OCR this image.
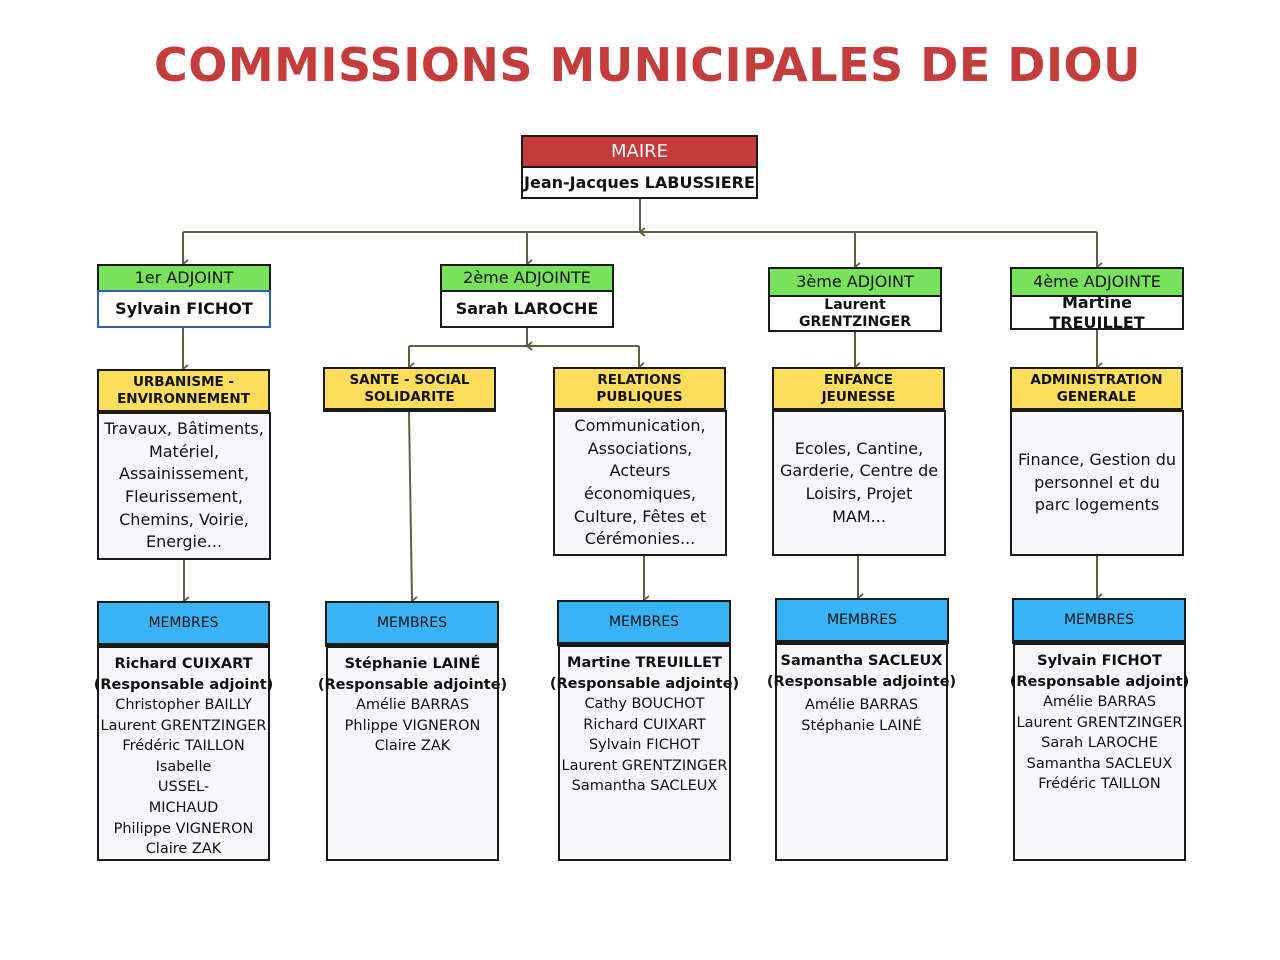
COMMISSIONS MUNICIPALES DE DIOU
MAIRE
Jean-Jacques LABUSSIERE
1er ADJOINT
Sylvain FICHOT
2ème ADJOINTE
Sarah LAROCHE
3ème ADJOINT
Laurent GRENTZINGER
4ème ADJOINTE
Martine TREUILLET
URBANISME - ENVIRONNEMENT
Travaux, Bâtiments, Matériel, Assainissement, Fleurissement, Chemins, Voirie, Energie...
MEMBRES
Richard CUIXART
(Responsable adjoint)
Christopher BAILLY
Laurent GRENTZINGER
Frédéric TAILLON
Isabelle USSEL-MICHAUD
Philippe VIGNERON
Claire ZAK
SANTE - SOCIAL SOLIDARITE
MEMBRES
Stéphanie LAINÉ
(Responsable adjointe)
Amélie BARRAS
Phlippe VIGNERON
Claire ZAK
RELATIONS PUBLIQUES
Communication, Associations, Acteurs économiques, Culture, Fêtes et Cérémonies...
MEMBRES
Martine TREUILLET
(Responsable adjointe)
Cathy BOUCHOT
Richard CUIXART
Sylvain FICHOT
Laurent GRENTZINGER
Samantha SACLEUX
ENFANCE JEUNESSE
Ecoles, Cantine, Garderie, Centre de Loisirs, Projet MAM...
MEMBRES
Samantha SACLEUX
(Responsable adjointe)
Amélie BARRAS
Stéphanie LAINÉ
ADMINISTRATION GENERALE
Finance, Gestion du personnel et du parc logements
MEMBRES
Sylvain FICHOT
(Responsable adjoint)
Amélie BARRAS
Laurent GRENTZINGER
Sarah LAROCHE
Samantha SACLEUX
Frédéric TAILLON
